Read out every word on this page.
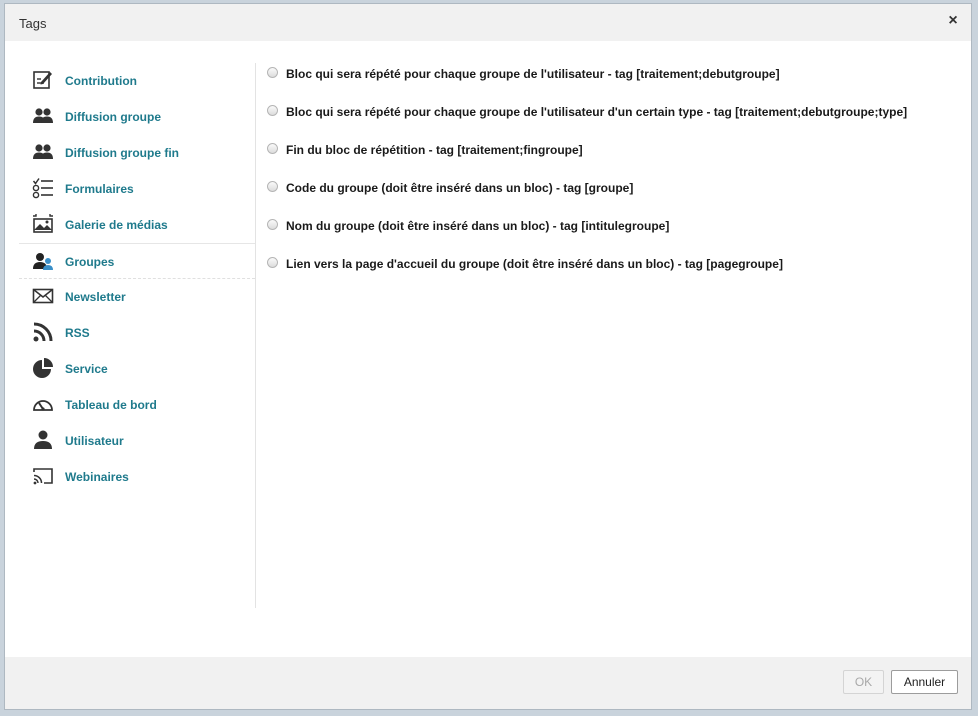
Tags	×
Contribution
Diffusion groupe
Diffusion groupe fin
Formulaires
Galerie de médias
Groupes
Newsletter
RSS
Service
Tableau de bord
Utilisateur
Webinaires
Bloc qui sera répété pour chaque groupe de l'utilisateur - tag [traitement;debutgroupe]
Bloc qui sera répété pour chaque groupe de l'utilisateur d'un certain type - tag [traitement;debutgroupe;type]
Fin du bloc de répétition - tag [traitement;fingroupe]
Code du groupe (doit être inséré dans un bloc) - tag [groupe]
Nom du groupe (doit être inséré dans un bloc) - tag [intitulegroupe]
Lien vers la page d'accueil du groupe (doit être inséré dans un bloc) - tag [pagegroupe]
OK	Annuler
